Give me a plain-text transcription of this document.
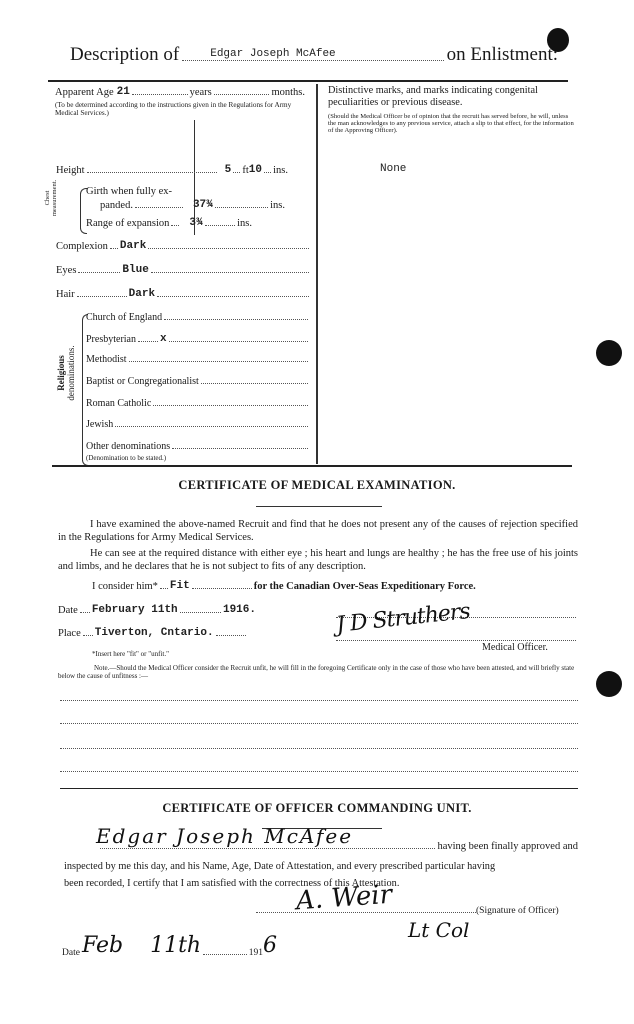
Description of	Edgar Joseph McAfee	on Enlistment:
Apparent Age 21	years	months.
(To be determined according to the instructions given in the Regulations for Army Medical Services.)
Height	5 ft 10 ins.
Chest measurement.	Girth when fully ex-
panded.	37¾	ins.
Range of expansion 3¾	ins.
Complexion Dark
Eyes	Blue
Hair	Dark
Religious denominations.
Church of England
Presbyterian x
Methodist
Baptist or Congregationalist
Roman Catholic
Jewish
Other denominations
(Denomination to be stated.)
Distinctive marks, and marks indicating congenital peculiarities or previous disease.
(Should the Medical Officer be of opinion that the recruit has served before, he will, unless the man acknowledges to any previous service, attach a slip to that effect, for the information of the Approving Officer).
None
CERTIFICATE OF MEDICAL EXAMINATION.
I have examined the above-named Recruit and find that he does not present any of the causes of rejection specified in the Regulations for Army Medical Services.
He can see at the required distance with either eye ; his heart and lungs are healthy ; he has the free use of his joints and limbs, and he declares that he is not subject to fits of any description.
I consider him* Fit	for the Canadian Over-Seas Expeditionary Force.
Date February 11th	1916.
Place Tiverton, Cntario.	J D Struthers
Medical Officer.
*Insert here "fit" or "unfit."
Note.—Should the Medical Officer consider the Recruit unfit, he will fill in the foregoing Certificate only in the case of those who have been attested, and will briefly state below the cause of unfitness :—
CERTIFICATE OF OFFICER COMMANDING UNIT.
Edgar Joseph McAfee	having been finally approved and
inspected by me this day, and his Name, Age, Date of Attestation, and every prescribed particular having
been recorded, I certify that I am satisfied with the correctness of this Attestation.
A. Weir	(Signature of Officer)
Lt Col
Date Feb 11th	191 6
